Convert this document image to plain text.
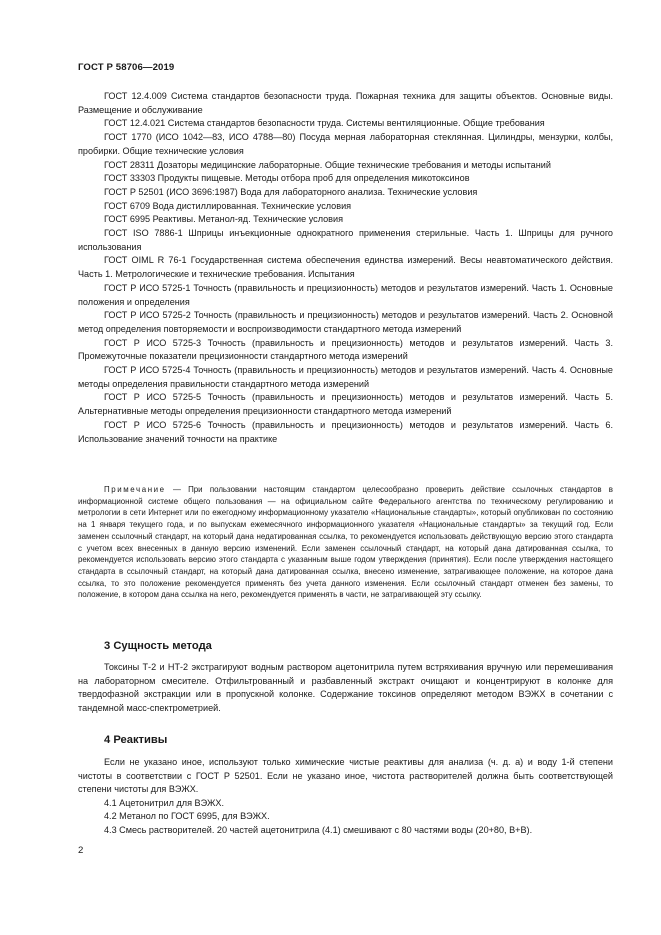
ГОСТ Р 58706—2019

ГОСТ 12.4.009 Система стандартов безопасности труда. Пожарная техника для защиты объектов. Основные виды. Размещение и обслуживание

ГОСТ 12.4.021 Система стандартов безопасности труда. Системы вентиляционные. Общие требования

ГОСТ 1770 (ИСО 1042—83, ИСО 4788—80) Посуда мерная лабораторная стеклянная. Цилиндры, мензурки, колбы, пробирки. Общие технические условия

ГОСТ 28311 Дозаторы медицинские лабораторные. Общие технические требования и методы испытаний

ГОСТ 33303 Продукты пищевые. Методы отбора проб для определения микотоксинов

ГОСТ Р 52501 (ИСО 3696:1987) Вода для лабораторного анализа. Технические условия

ГОСТ 6709 Вода дистиллированная. Технические условия

ГОСТ 6995 Реактивы. Метанол-яд. Технические условия

ГОСТ ISO 7886-1 Шприцы инъекционные однократного применения стерильные. Часть 1. Шприцы для ручного использования

ГОСТ OIML R 76-1 Государственная система обеспечения единства измерений. Весы неавтоматического действия. Часть 1. Метрологические и технические требования. Испытания

ГОСТ Р ИСО 5725-1 Точность (правильность и прецизионность) методов и результатов измерений. Часть 1. Основные положения и определения

ГОСТ Р ИСО 5725-2 Точность (правильность и прецизионность) методов и результатов измерений. Часть 2. Основной метод определения повторяемости и воспроизводимости стандартного метода измерений

ГОСТ Р ИСО 5725-3 Точность (правильность и прецизионность) методов и результатов измерений. Часть 3. Промежуточные показатели прецизионности стандартного метода измерений

ГОСТ Р ИСО 5725-4 Точность (правильность и прецизионность) методов и результатов измерений. Часть 4. Основные методы определения правильности стандартного метода измерений

ГОСТ Р ИСО 5725-5 Точность (правильность и прецизионность) методов и результатов измерений. Часть 5. Альтернативные методы определения прецизионности стандартного метода измерений

ГОСТ Р ИСО 5725-6 Точность (правильность и прецизионность) методов и результатов измерений. Часть 6. Использование значений точности на практике

Примечание — При пользовании настоящим стандартом целесообразно проверить действие ссылочных стандартов в информационной системе общего пользования — на официальном сайте Федерального агентства по техническому регулированию и метрологии в сети Интернет или по ежегодному информационному указателю «Национальные стандарты», который опубликован по состоянию на 1 января текущего года, и по выпускам ежемесячного информационного указателя «Национальные стандарты» за текущий год. Если заменен ссылочный стандарт, на который дана недатированная ссылка, то рекомендуется использовать действующую версию этого стандарта с учетом всех внесенных в данную версию изменений. Если заменен ссылочный стандарт, на который дана датированная ссылка, то рекомендуется использовать версию этого стандарта с указанным выше годом утверждения (принятия). Если после утверждения настоящего стандарта в ссылочный стандарт, на который дана датированная ссылка, внесено изменение, затрагивающее положение, на которое дана ссылка, то это положение рекомендуется применять без учета данного изменения. Если ссылочный стандарт отменен без замены, то положение, в котором дана ссылка на него, рекомендуется применять в части, не затрагивающей эту ссылку.

3 Сущность метода

Токсины Т-2 и НТ-2 экстрагируют водным раствором ацетонитрила путем встряхивания вручную или перемешивания на лабораторном смесителе. Отфильтрованный и разбавленный экстракт очищают и концентрируют в колонке для твердофазной экстракции или в пропускной колонке. Содержание токсинов определяют методом ВЭЖХ в сочетании с тандемной масс-спектрометрией.

4 Реактивы

Если не указано иное, используют только химические чистые реактивы для анализа (ч. д. а) и воду 1-й степени чистоты в соответствии с ГОСТ Р 52501. Если не указано иное, чистота растворителей должна быть соответствующей степени чистоты для ВЭЖХ.

4.1 Ацетонитрил для ВЭЖХ.

4.2 Метанол по ГОСТ 6995, для ВЭЖХ.

4.3 Смесь растворителей. 20 частей ацетонитрила (4.1) смешивают с 80 частями воды (20+80, В+В).

2
